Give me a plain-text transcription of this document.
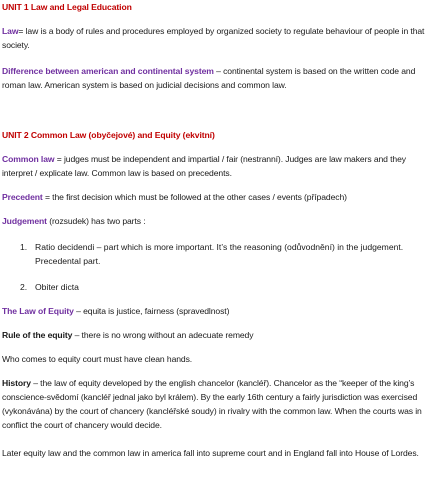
UNIT 1 Law and Legal Education
Law= law is a body of rules and procedures employed by organized society to regulate behaviour of people in that society.
Difference between american and continental system – continental system is based on the written code and roman law. American system is based on judicial decisions and common law.
UNIT 2 Common Law (obyčejové) and Equity (ekvitní)
Common law = judges must be independent and impartial / fair (nestranní). Judges are law makers and they interpret / explicate law. Common law is based on precedents.
Precedent = the first decision which must be followed at the other cases / events (případech)
Judgement (rozsudek) has two parts :
1. Ratio decidendi – part which is more important. It’s the reasoning (odůvodnění) in the judgement. Precedental part.
2. Obiter dicta
The Law of Equity – equita is justice, fairness (spravedlnost)
Rule of the equity – there is no wrong without an adecuate remedy
Who comes to equity court must have clean hands.
History – the law of equity developed by the english chancelor (kancléř). Chancelor as the “keeper of the king’s conscience-svědomí (kancléř jednal jako byl králem). By the early 16th century a fairly jurisdiction was exercised (vykonávána) by the court of chancery (kancléřské soudy) in rivalry with the common law. When the courts was in conflict the court of chancery would decide.
Later equity law and the common law in america fall into supreme court and in England fall into House of Lordes.
